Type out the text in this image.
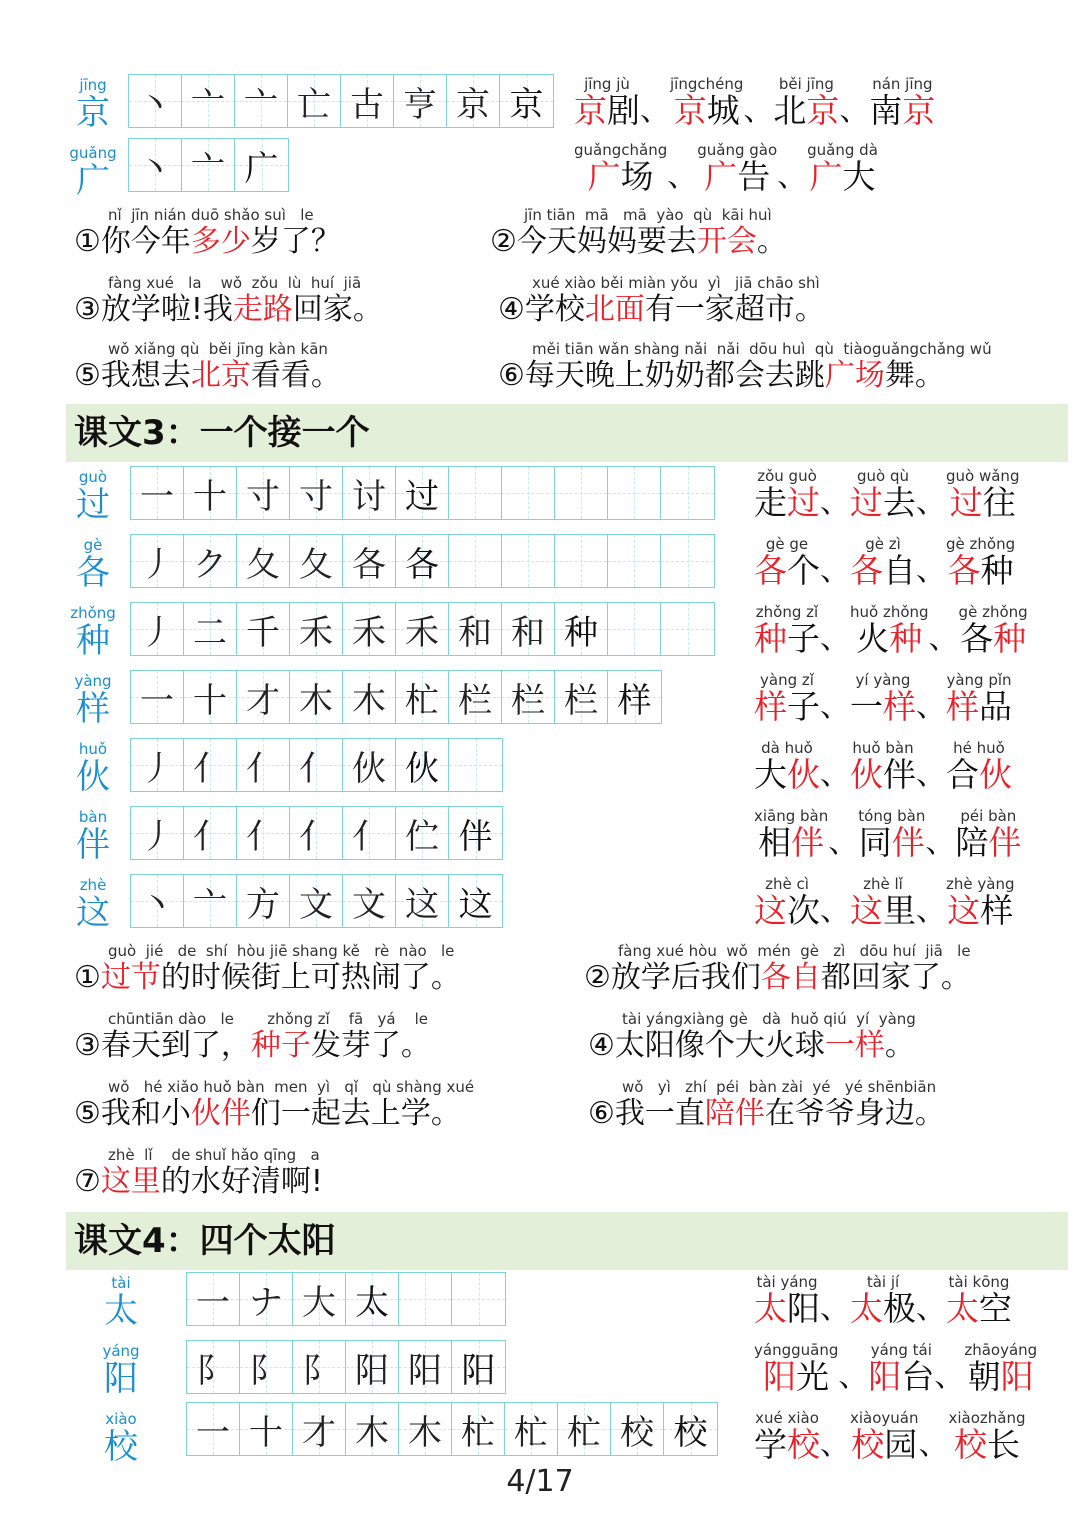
jīng
京 丶 亠 亠 亡 古 亨 京 京
jīng jù
京剧 、
jīngchéng
京城 、
běi jīng
北京 、
nán jīng
南京
guǎng
广 丶 亠 广	guǎngchǎng
广场 、
guǎng gào
广告 、
guǎng dà
广大
nǐ  jīn nián duō shǎo suì   le
①你今年多少岁了？
jīn tiān  mā   mā  yào  qù  kāi huì
②今天妈妈要去开会。
fàng xué   la    wǒ  zǒu  lù  huí  jiā
③放学啦!我走路回家。
xué xiào běi miàn yǒu  yì   jiā chāo shì
④学校北面有一家超市。
wǒ xiǎng qù  běi jīng kàn kān
⑤我想去北京看看。
měi tiān wǎn shàng nǎi  nǎi  dōu huì  qù  tiàoguǎngchǎng wǔ
⑥每天晚上奶奶都会去跳广场舞。
课文3：一个接一个
guò
过 一 十 寸 寸 讨 过
zǒu guò
走过 、
guò qù
过去 、
guò wǎng
过往
gè
各 丿 ク 夂 夂 各 各
gè ge
各个 、
gè zì
各自 、
gè zhǒng
各种
zhǒng
种 丿 二 千 禾 禾 禾 和 和 种
zhǒng zǐ
种子 、
huǒ zhǒng
火种 、
gè zhǒng
各种
yàng
样 一 十 才 木 木 杧 栏 栏 栏 样
yàng zǐ
样子 、
yí yàng
一样 、
yàng pǐn
样品
huǒ
伙 丿 亻 亻 亻 伙 伙
dà huǒ
大伙 、
huǒ bàn
伙伴 、
hé huǒ
合伙
bàn
伴 丿 亻 亻 亻 亻 伫 伴
xiāng bàn
相伴 、
tóng bàn
同伴 、
péi bàn
陪伴
zhè
这 丶 亠 方 文 文 这 这
zhè cì
这次 、
zhè lǐ
这里 、
zhè yàng
这样
guò  jié   de  shí  hòu jiē shang kě   rè  nào   le
①过节的时候街上可热闹了。
fàng xué hòu  wǒ  mén  gè   zì   dōu huí  jiā   le
②放学后我们各自都回家了。
chūntiān dào   le       zhǒng zǐ    fā   yá    le
③春天到了，种子发芽了。
tài yángxiàng gè   dà  huǒ qiú  yí  yàng
④太阳像个大火球一样。
wǒ   hé xiǎo huǒ bàn  men  yì   qǐ   qù shàng xué
⑤我和小伙伴们一起去上学。
wǒ   yì   zhí  péi  bàn zài  yé   yé shēnbiān
⑥我一直陪伴在爷爷身边。
zhè  lǐ    de shuǐ hǎo qīng   a
⑦这里的水好清啊!
课文4：四个太阳
tài
太 一 ナ 大 太
tài yáng
太阳 、
tài jí
太极 、
tài kōng
太空
yáng
阳 阝 阝 阝 阳 阳 阳
yángguāng
阳光 、
yáng tái
阳台 、
zhāoyáng
朝阳
xiào
校 一 十 才 木 木 杧 杧 杧 校 校	xué xiào
学校 、
xiàoyuán
校园 、
xiàozhǎng
校长
4/17
